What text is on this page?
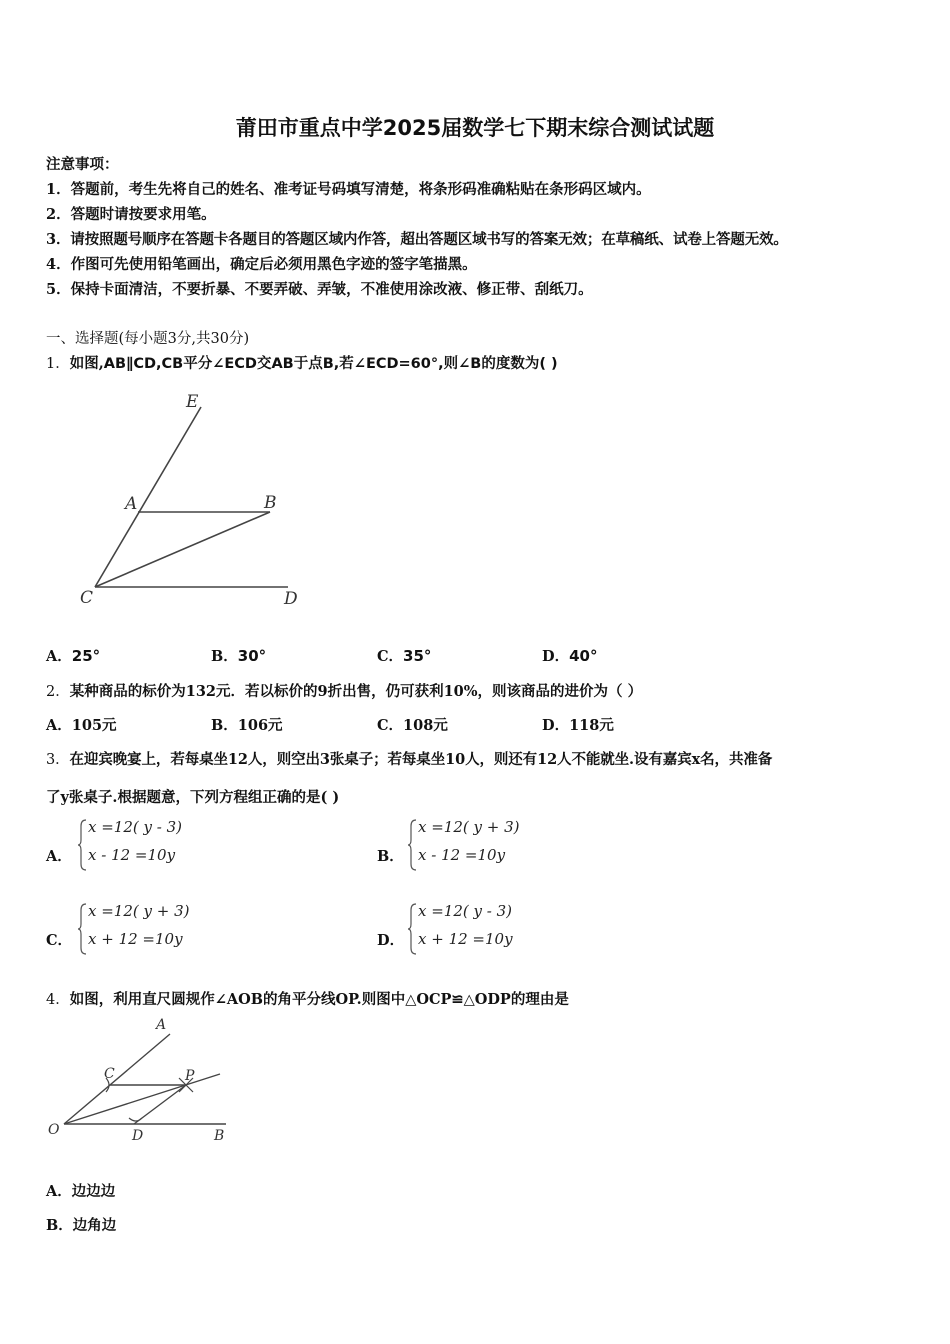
莆田市重点中学2025届数学七下期末综合测试试题
注意事项：
1．答题前，考生先将自己的姓名、准考证号码填写清楚，将条形码准确粘贴在条形码区域内。
2．答题时请按要求用笔。
3．请按照题号顺序在答题卡各题目的答题区域内作答，超出答题区域书写的答案无效；在草稿纸、试卷上答题无效。
4．作图可先使用铅笔画出，确定后必须用黑色字迹的签字笔描黑。
5．保持卡面清洁，不要折暴、不要弄破、弄皱，不准使用涂改液、修正带、刮纸刀。
一、选择题(每小题3分,共30分)
1．如图,AB∥CD,CB平分∠ECD交AB于点B,若∠ECD=60°,则∠B的度数为( )
E
A	B
C	D
A．25°	B．30°	C．35°	D．40°
2．某种商品的标价为132元．若以标价的9折出售，仍可获利10%，则该商品的进价为（ ）
A．105元	B．106元	C．108元	D．118元
3．在迎宾晚宴上，若每桌坐12人，则空出3张桌子；若每桌坐10人，则还有12人不能就坐.设有嘉宾x名，共准备
了y张桌子.根据题意，下列方程组正确的是( )
A．
x =12( y - 3)
x - 12 =10y	B．
x =12( y + 3)
x - 12 =10y
C．
x =12( y + 3)
x + 12 =10y	D．
x =12( y - 3)
x + 12 =10y
4．如图，利用直尺圆规作∠AOB的角平分线OP.则图中△OCP≌△ODP的理由是
A
C	P
O	D	B
A．边边边
B．边角边
